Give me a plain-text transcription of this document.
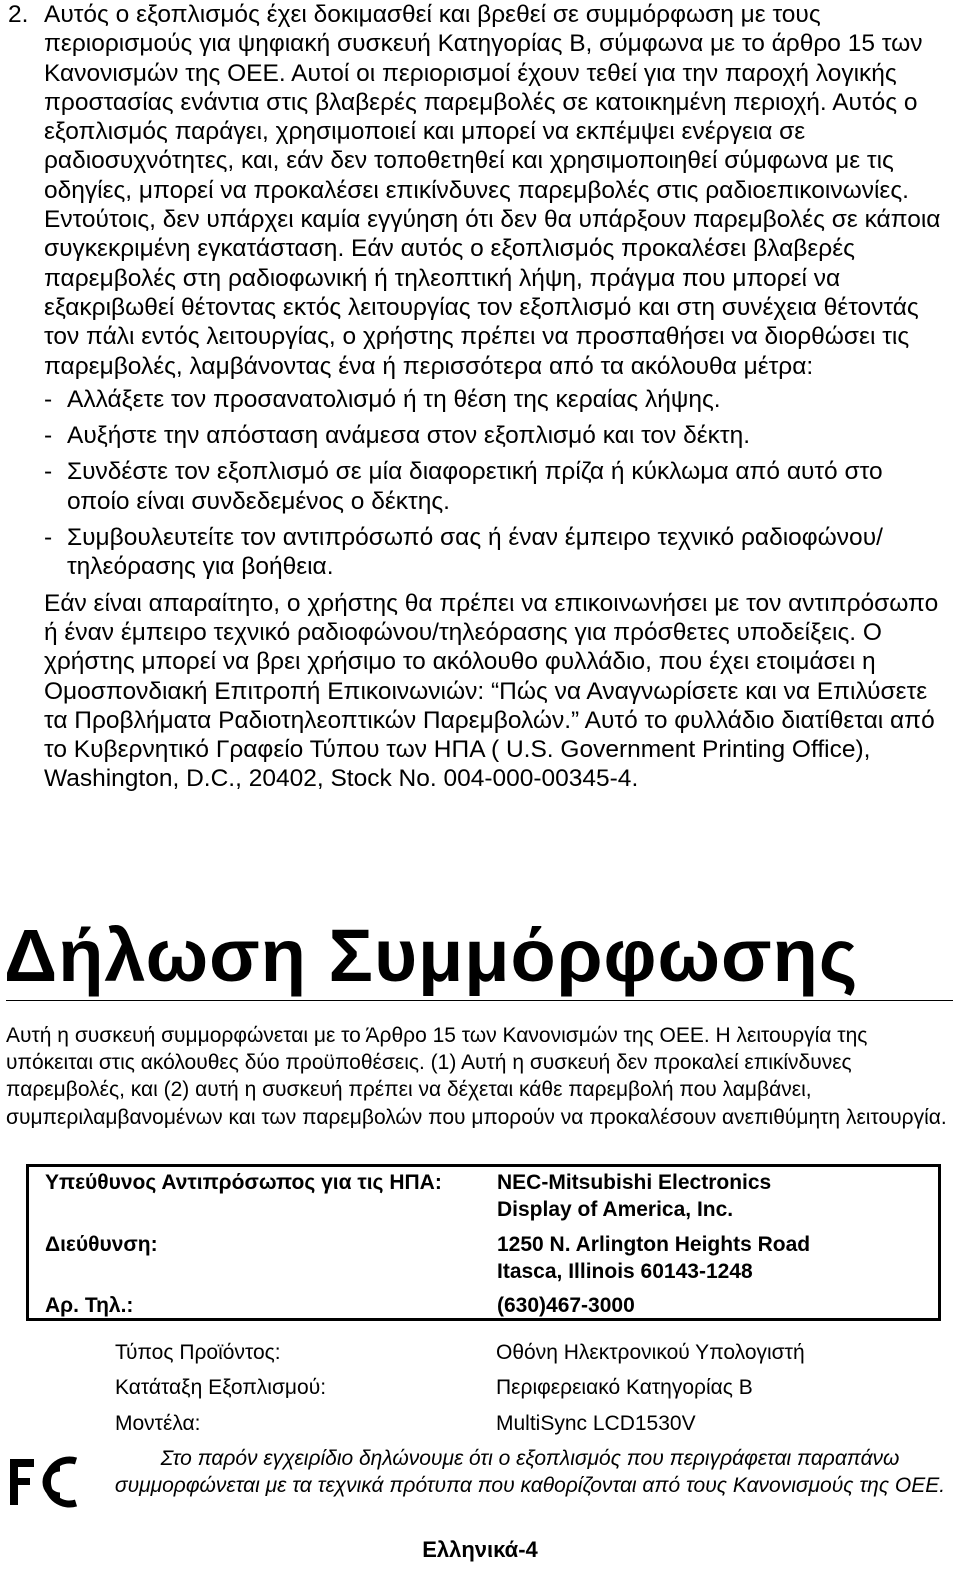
2. Αυτός ο εξοπλισμός έχει δοκιμασθεί και βρεθεί σε συμμόρφωση με τους περιορισμούς για ψηφιακή συσκευή Κατηγορίας B, σύμφωνα με το άρθρο 15 των Κανονισμών της ΟΕΕ. Αυτοί οι περιορισμοί έχουν τεθεί για την παροχή λογικής προστασίας ενάντια στις βλαβερές παρεμβολές σε κατοικημένη περιοχή. Αυτός ο εξοπλισμός παράγει, χρησιμοποιεί και μπορεί να εκπέμψει ενέργεια σε ραδιοσυχνότητες, και, εάν δεν τοποθετηθεί και χρησιμοποιηθεί σύμφωνα με τις οδηγίες, μπορεί να προκαλέσει επικίνδυνες παρεμβολές στις ραδιοεπικοινωνίες. Εντούτοις, δεν υπάρχει καμία εγγύηση ότι δεν θα υπάρξουν παρεμβολές σε κάποια συγκεκριμένη εγκατάσταση. Εάν αυτός ο εξοπλισμός προκαλέσει βλαβερές παρεμβολές στη ραδιοφωνική ή τηλεοπτική λήψη, πράγμα που μπορεί να εξακριβωθεί θέτοντας εκτός λειτουργίας τον εξοπλισμό και στη συνέχεια θέτοντάς τον πάλι εντός λειτουργίας, ο χρήστης πρέπει να προσπαθήσει να διορθώσει τις παρεμβολές, λαμβάνοντας ένα ή περισσότερα από τα ακόλουθα μέτρα:

- Αλλάξετε τον προσανατολισμό ή τη θέση της κεραίας λήψης.
- Αυξήστε την απόσταση ανάμεσα στον εξοπλισμό και τον δέκτη.
- Συνδέστε τον εξοπλισμό σε μία διαφορετική πρίζα ή κύκλωμα από αυτό στο οποίο είναι συνδεδεμένος ο δέκτης.
- Συμβουλευτείτε τον αντιπρόσωπό σας ή έναν έμπειρο τεχνικό ραδιοφώνου/τηλεόρασης για βοήθεια.

Εάν είναι απαραίτητο, ο χρήστης θα πρέπει να επικοινωνήσει με τον αντιπρόσωπο ή έναν έμπειρο τεχνικό ραδιοφώνου/τηλεόρασης για πρόσθετες υποδείξεις. Ο χρήστης μπορεί να βρει χρήσιμο το ακόλουθο φυλλάδιο, που έχει ετοιμάσει η Ομοσπονδιακή Επιτροπή Επικοινωνιών: “Πώς να Αναγνωρίσετε και να Επιλύσετε τα Προβλήματα Ραδιοτηλεοπτικών Παρεμβολών.” Αυτό το φυλλάδιο διατίθεται από το Κυβερνητικό Γραφείο Τύπου των ΗΠΑ ( U.S. Government Printing Office), Washington, D.C., 20402, Stock No. 004-000-00345-4.

Δήλωση Συμμόρφωσης

Αυτή η συσκευή συμμορφώνεται με το Άρθρο 15 των Κανονισμών της ΟΕΕ. Η λειτουργία της υπόκειται στις ακόλουθες δύο προϋποθέσεις. (1) Αυτή η συσκευή δεν προκαλεί επικίνδυνες παρεμβολές, και (2) αυτή η συσκευή πρέπει να δέχεται κάθε παρεμβολή που λαμβάνει, συμπεριλαμβανομένων και των παρεμβολών που μπορούν να προκαλέσουν ανεπιθύμητη λειτουργία.

Υπεύθυνος Αντιπρόσωπος για τις ΗΠΑ:	NEC-Mitsubishi Electronics
Display of America, Inc.
Διεύθυνση:	1250 N. Arlington Heights Road
Itasca, Illinois 60143-1248
Αρ. Τηλ.:	(630)467-3000
Τύπος Προϊόντος:	Οθόνη Ηλεκτρονικού Υπολογιστή
Κατάταξη Εξοπλισμού:	Περιφερειακό Κατηγορίας B
Μοντέλα:	MultiSync LCD1530V

Στο παρόν εγχειρίδιο δηλώνουμε ότι ο εξοπλισμός που περιγράφεται παραπάνω συμμορφώνεται με τα τεχνικά πρότυπα που καθορίζονται από τους Κανονισμούς της ΟΕΕ.

Ελληνικά-4
